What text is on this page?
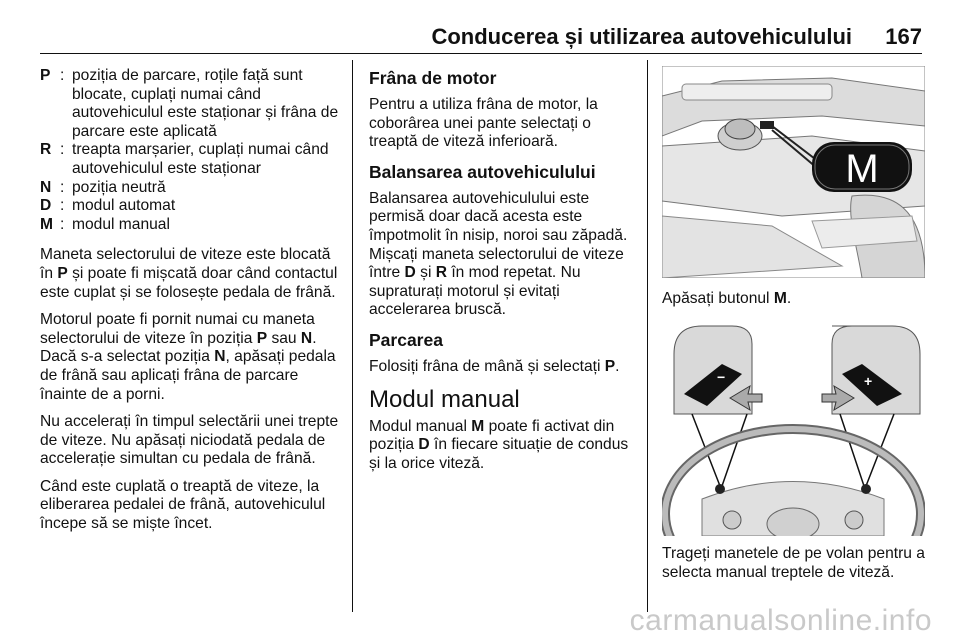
Conducerea și utilizarea autovehiculului 167
P : poziția de parcare, roțile față sunt blocate, cuplați numai când autovehiculul este staționar și frâna de parcare este aplicată
R : treapta marșarier, cuplați numai când autovehiculul este staționar
N : poziția neutră
D : modul automat
M : modul manual

Maneta selectorului de viteze este blocată în P și poate fi mișcată doar când contactul este cuplat și se folosește pedala de frână.

Motorul poate fi pornit numai cu maneta selectorului de viteze în poziția P sau N. Dacă s-a selectat poziția N, apăsați pedala de frână sau aplicați frâna de parcare înainte de a porni.

Nu accelerați în timpul selectării unei trepte de viteze. Nu apăsați niciodată pedala de accelerație simultan cu pedala de frână.

Când este cuplată o treaptă de viteze, la eliberarea pedalei de frână, autovehiculul începe să se miște încet.

Frâna de motor

Pentru a utiliza frâna de motor, la coborârea unei pante selectați o treaptă de viteză inferioară.

Balansarea autovehiculului

Balansarea autovehiculului este permisă doar dacă acesta este împotmolit în nisip, noroi sau zăpadă. Mișcați maneta selectorului de viteze între D și R în mod repetat. Nu supraturați motorul și evitați accelerarea bruscă.

Parcarea

Folosiți frâna de mână și selectați P.

Modul manual

Modul manual M poate fi activat din poziția D în fiecare situație de condus și la orice viteză.

M
Apăsați butonul M.
−	+
Trageți manetele de pe volan pentru a selecta manual treptele de viteză.
carmanualsonline.info
